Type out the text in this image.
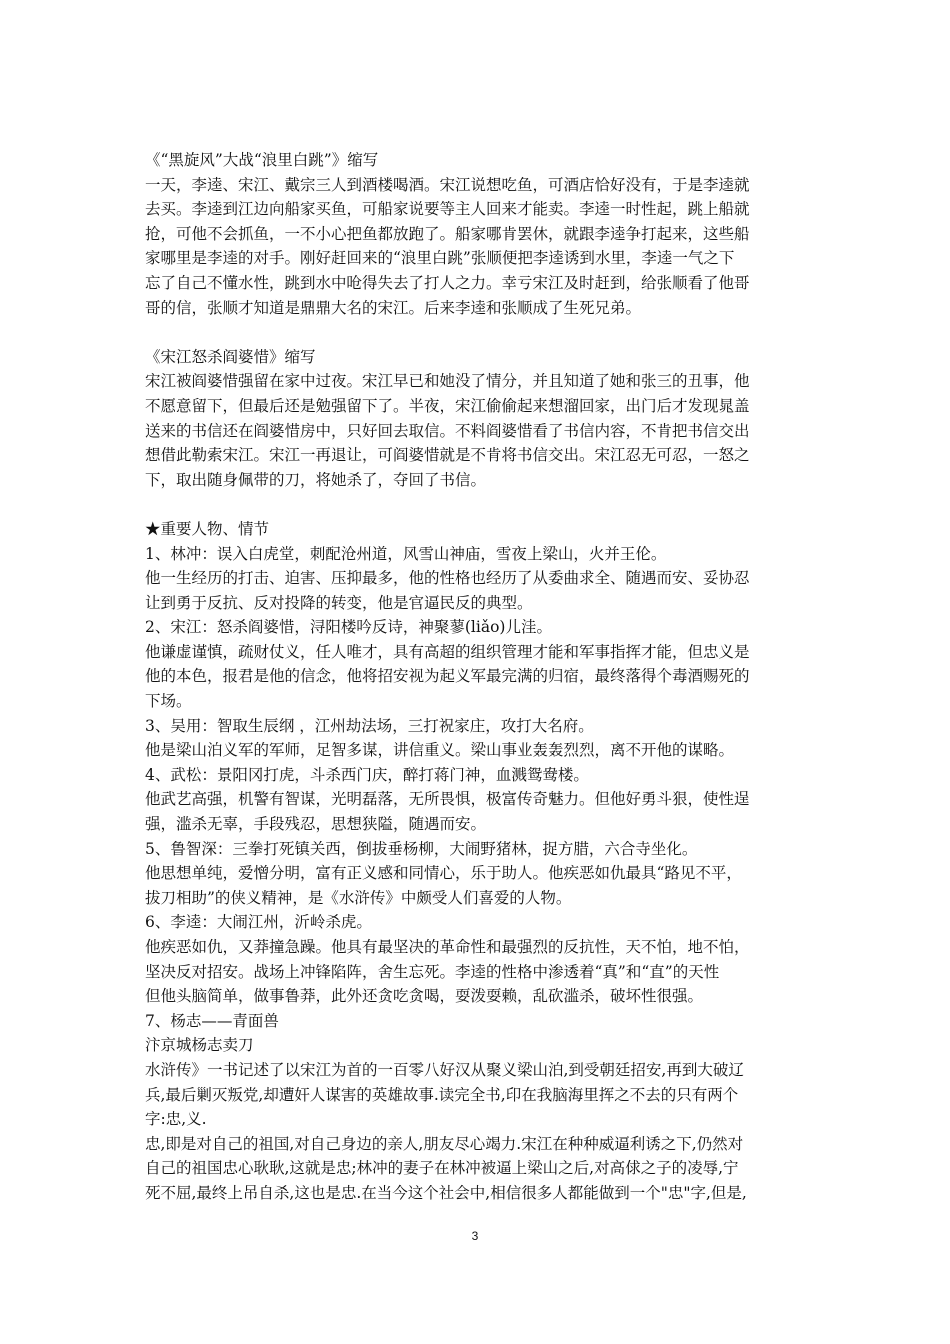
《“黑旋风”大战“浪里白跳”》缩写
一天，李逵、宋江、戴宗三人到酒楼喝酒。宋江说想吃鱼，可酒店恰好没有，于是李逵就
去买。李逵到江边向船家买鱼，可船家说要等主人回来才能卖。李逵一时性起，跳上船就
抢，可他不会抓鱼，一不小心把鱼都放跑了。船家哪肯罢休，就跟李逵争打起来，这些船
家哪里是李逵的对手。刚好赶回来的“浪里白跳”张顺便把李逵诱到水里，李逵一气之下
忘了自己不懂水性，跳到水中呛得失去了打人之力。幸亏宋江及时赶到，给张顺看了他哥
哥的信，张顺才知道是鼎鼎大名的宋江。后来李逵和张顺成了生死兄弟。
《宋江怒杀阎婆惜》缩写
宋江被阎婆惜强留在家中过夜。宋江早已和她没了情分，并且知道了她和张三的丑事，他
不愿意留下，但最后还是勉强留下了。半夜，宋江偷偷起来想溜回家，出门后才发现晁盖
送来的书信还在阎婆惜房中，只好回去取信。不料阎婆惜看了书信内容，不肯把书信交出
想借此勒索宋江。宋江一再退让，可阎婆惜就是不肯将书信交出。宋江忍无可忍，一怒之
下，取出随身佩带的刀，将她杀了，夺回了书信。
★重要人物、情节
1、林冲：误入白虎堂，刺配沧州道，风雪山神庙，雪夜上梁山，火并王伦。
他一生经历的打击、迫害、压抑最多，他的性格也经历了从委曲求全、随遇而安、妥协忍
让到勇于反抗、反对投降的转变，他是官逼民反的典型。
2、宋江：怒杀阎婆惜，浔阳楼吟反诗，神聚蓼(liǎo)儿洼。
他谦虚谨慎，疏财仗义，任人唯才，具有高超的组织管理才能和军事指挥才能，但忠义是
他的本色，报君是他的信念，他将招安视为起义军最完满的归宿，最终落得个毒酒赐死的
下场。
3、吴用：智取生辰纲 ，江州劫法场，三打祝家庄，攻打大名府。
他是梁山泊义军的军师，足智多谋，讲信重义。梁山事业轰轰烈烈，离不开他的谋略。
4、武松：景阳冈打虎，斗杀西门庆，醉打蒋门神，血溅鸳鸯楼。
他武艺高强，机警有智谋，光明磊落，无所畏惧，极富传奇魅力。但他好勇斗狠，使性逞
强，滥杀无辜，手段残忍，思想狭隘，随遇而安。
5、鲁智深：三拳打死镇关西，倒拔垂杨柳，大闹野猪林，捉方腊，六合寺坐化。
他思想单纯，爱憎分明，富有正义感和同情心，乐于助人。他疾恶如仇最具“路见不平，
拔刀相助”的侠义精神，是《水浒传》中颇受人们喜爱的人物。
6、李逵：大闹江州，沂岭杀虎。
他疾恶如仇，又莽撞急躁。他具有最坚决的革命性和最强烈的反抗性，天不怕，地不怕，
坚决反对招安。战场上冲锋陷阵，舍生忘死。李逵的性格中渗透着“真”和“直”的天性
但他头脑简单，做事鲁莽，此外还贪吃贪喝，耍泼耍赖，乱砍滥杀，破坏性很强。
7、杨志——青面兽
汴京城杨志卖刀
水浒传》一书记述了以宋江为首的一百零八好汉从聚义梁山泊,到受朝廷招安,再到大破辽
兵,最后剿灭叛党,却遭奸人谋害的英雄故事.读完全书,印在我脑海里挥之不去的只有两个
字:忠,义.
忠,即是对自己的祖国,对自己身边的亲人,朋友尽心竭力.宋江在种种威逼利诱之下,仍然对
自己的祖国忠心耿耿,这就是忠;林冲的妻子在林冲被逼上梁山之后,对高俅之子的凌辱,宁
死不屈,最终上吊自杀,这也是忠.在当今这个社会中,相信很多人都能做到一个"忠"字,但是,
3
